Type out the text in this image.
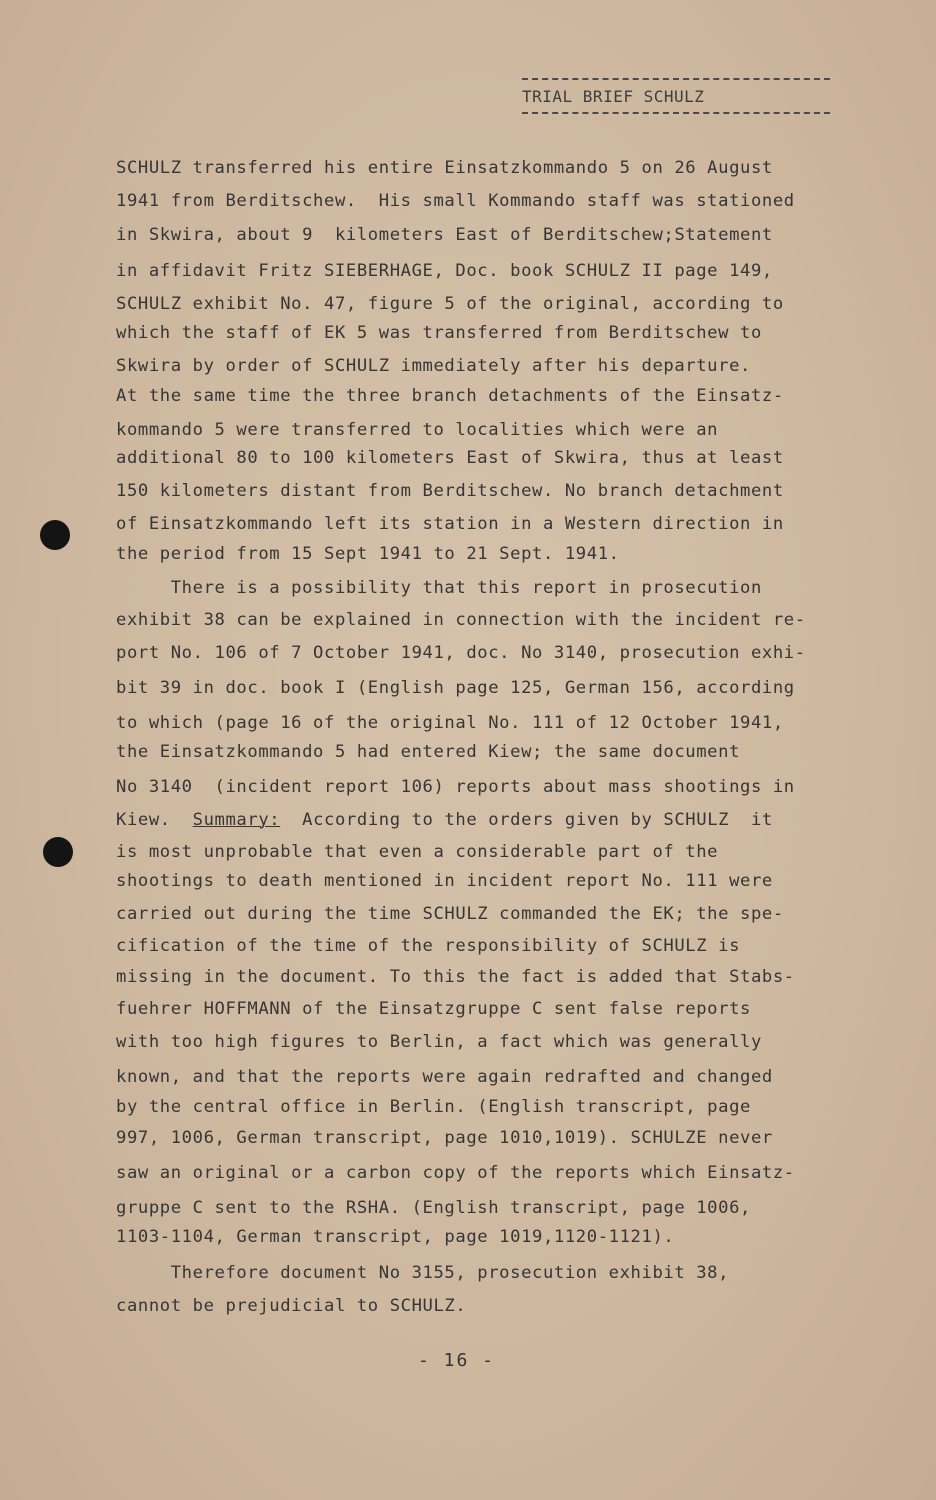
TRIAL BRIEF SCHULZ
SCHULZ transferred his entire Einsatzkommando 5 on 26 August
1941 from Berditschew.  His small Kommando staff was stationed
in Skwira, about 9  kilometers East of Berditschew;Statement
in affidavit Fritz SIEBERHAGE, Doc. book SCHULZ II page 149,
SCHULZ exhibit No. 47, figure 5 of the original, according to
which the staff of EK 5 was transferred from Berditschew to
Skwira by order of SCHULZ immediately after his departure.
At the same time the three branch detachments of the Einsatz-
kommando 5 were transferred to localities which were an
additional 80 to 100 kilometers East of Skwira, thus at least
150 kilometers distant from Berditschew. No branch detachment
of Einsatzkommando left its station in a Western direction in
the period from 15 Sept 1941 to 21 Sept. 1941.
There is a possibility that this report in prosecution
exhibit 38 can be explained in connection with the incident re-
port No. 106 of 7 October 1941, doc. No 3140, prosecution exhi-
bit 39 in doc. book I (English page 125, German 156, according
to which (page 16 of the original No. 111 of 12 October 1941,
the Einsatzkommando 5 had entered Kiew; the same document
No 3140  (incident report 106) reports about mass shootings in
Kiew.  Summary:  According to the orders given by SCHULZ  it
is most unprobable that even a considerable part of the
shootings to death mentioned in incident report No. 111 were
carried out during the time SCHULZ commanded the EK; the spe-
cification of the time of the responsibility of SCHULZ is
missing in the document. To this the fact is added that Stabs-
fuehrer HOFFMANN of the Einsatzgruppe C sent false reports
with too high figures to Berlin, a fact which was generally
known, and that the reports were again redrafted and changed
by the central office in Berlin. (English transcript, page
997, 1006, German transcript, page 1010,1019). SCHULZE never
saw an original or a carbon copy of the reports which Einsatz-
gruppe C sent to the RSHA. (English transcript, page 1006,
1103-1104, German transcript, page 1019,1120-1121).
Therefore document No 3155, prosecution exhibit 38,
cannot be prejudicial to SCHULZ.
- 16 -
